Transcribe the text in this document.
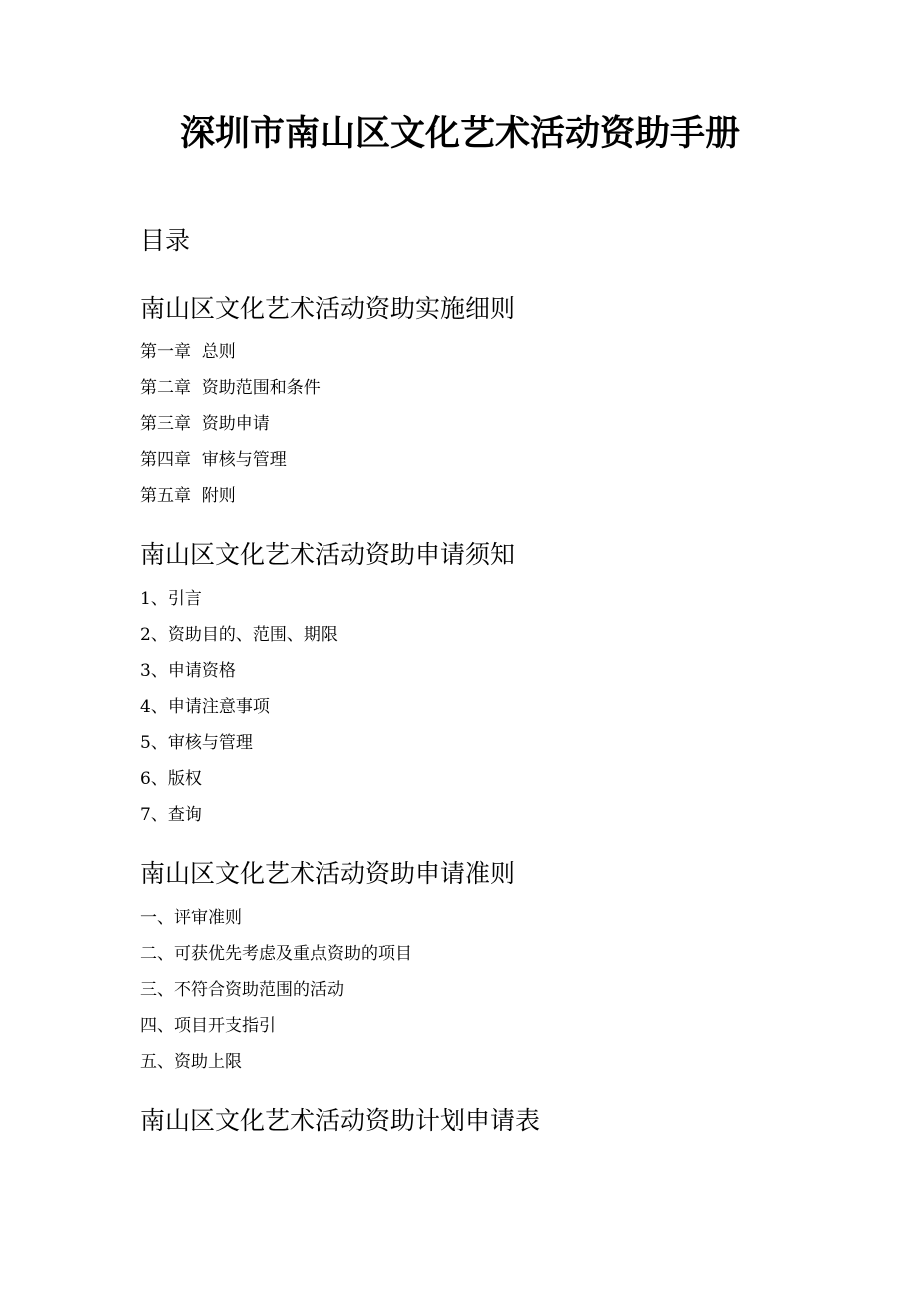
深圳市南山区文化艺术活动资助手册
目录
南山区文化艺术活动资助实施细则
第一章  总则
第二章  资助范围和条件
第三章  资助申请
第四章  审核与管理
第五章  附则
南山区文化艺术活动资助申请须知
1、引言
2、资助目的、范围、期限
3、申请资格
4、申请注意事项
5、审核与管理
6、版权
7、查询
南山区文化艺术活动资助申请准则
一、评审准则
二、可获优先考虑及重点资助的项目
三、不符合资助范围的活动
四、项目开支指引
五、资助上限
南山区文化艺术活动资助计划申请表
